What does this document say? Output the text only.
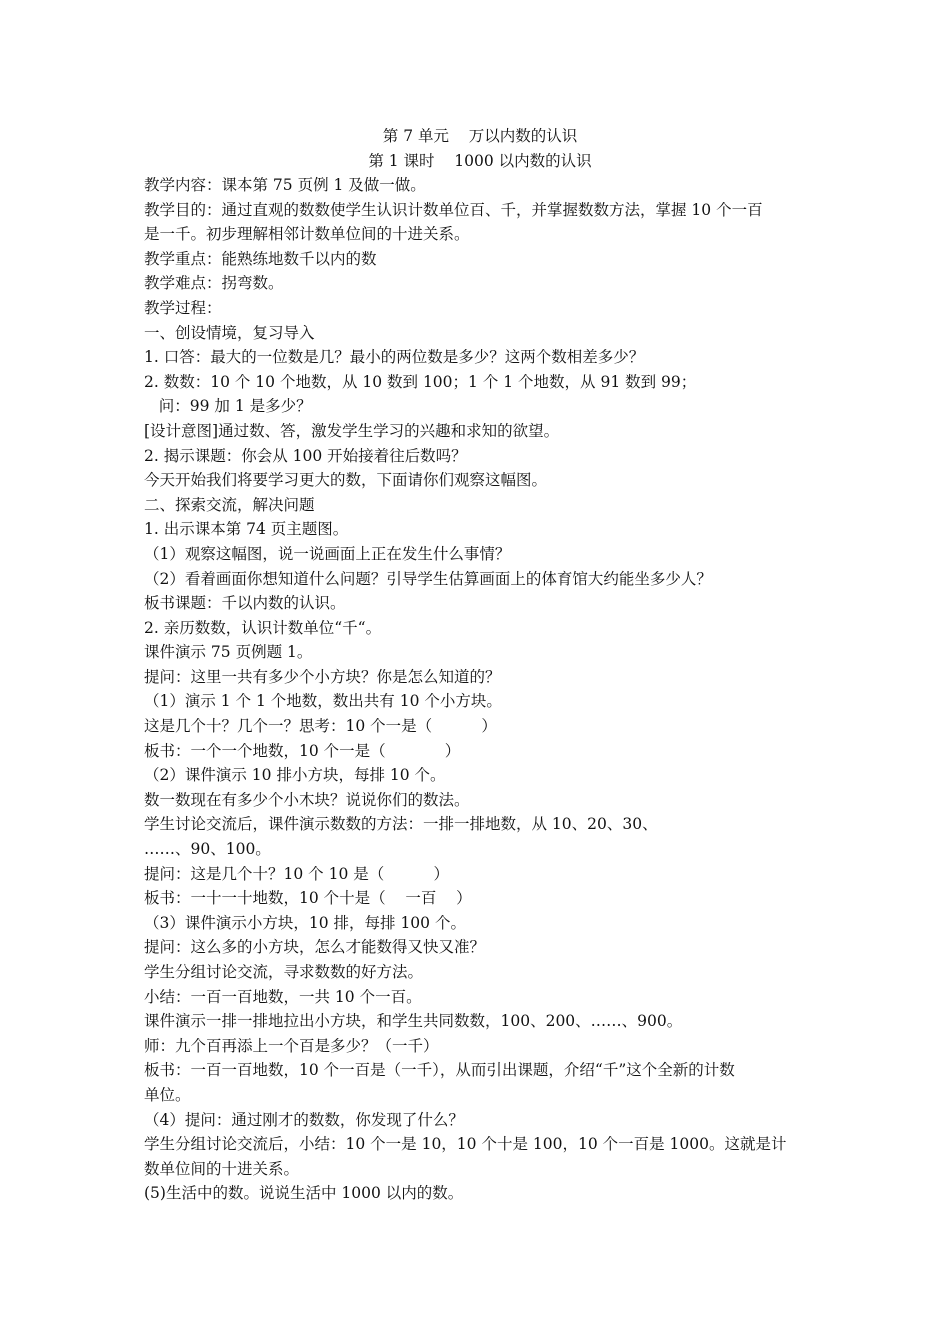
第 7 单元    万以内数的认识
第 1 课时    1000 以内数的认识
教学内容：课本第 75 页例 1 及做一做。
教学目的：通过直观的数数使学生认识计数单位百、千，并掌握数数方法，掌握 10 个一百
是一千。初步理解相邻计数单位间的十进关系。
教学重点：能熟练地数千以内的数
教学难点：拐弯数。
教学过程：
一、创设情境，复习导入
1. 口答：最大的一位数是几？最小的两位数是多少？这两个数相差多少？
2. 数数：10 个 10 个地数，从 10 数到 100；1 个 1 个地数，从 91 数到 99；
问：99 加 1 是多少？
[设计意图]通过数、答，激发学生学习的兴趣和求知的欲望。
2. 揭示课题：你会从 100 开始接着往后数吗？
今天开始我们将要学习更大的数，下面请你们观察这幅图。
二、探索交流，解决问题
1. 出示课本第 74 页主题图。
（1）观察这幅图，说一说画面上正在发生什么事情？
（2）看着画面你想知道什么问题？引导学生估算画面上的体育馆大约能坐多少人？
板书课题：千以内数的认识。
2. 亲历数数，认识计数单位“千“。
课件演示 75 页例题 1。
提问：这里一共有多少个小方块？你是怎么知道的？
（1）演示 1 个 1 个地数，数出共有 10 个小方块。
这是几个十？几个一？思考：10 个一是（          ）
板书：一个一个地数，10 个一是（            ）
（2）课件演示 10 排小方块，每排 10 个。
数一数现在有多少个小木块？说说你们的数法。
学生讨论交流后，课件演示数数的方法：一排一排地数，从 10、20、30、
……、90、100。
提问：这是几个十？10 个 10 是（          ）
板书：一十一十地数，10 个十是（    一百    ）
（3）课件演示小方块，10 排，每排 100 个。
提问：这么多的小方块，怎么才能数得又快又准？
学生分组讨论交流，寻求数数的好方法。
小结：一百一百地数，一共 10 个一百。
课件演示一排一排地拉出小方块，和学生共同数数，100、200、……、900。
师：九个百再添上一个百是多少？（一千）
板书：一百一百地数，10 个一百是（一千），从而引出课题，介绍“千”这个全新的计数
单位。
（4）提问：通过刚才的数数，你发现了什么？
学生分组讨论交流后，小结：10 个一是 10，10 个十是 100，10 个一百是 1000。这就是计
数单位间的十进关系。
(5)生活中的数。说说生活中 1000 以内的数。
